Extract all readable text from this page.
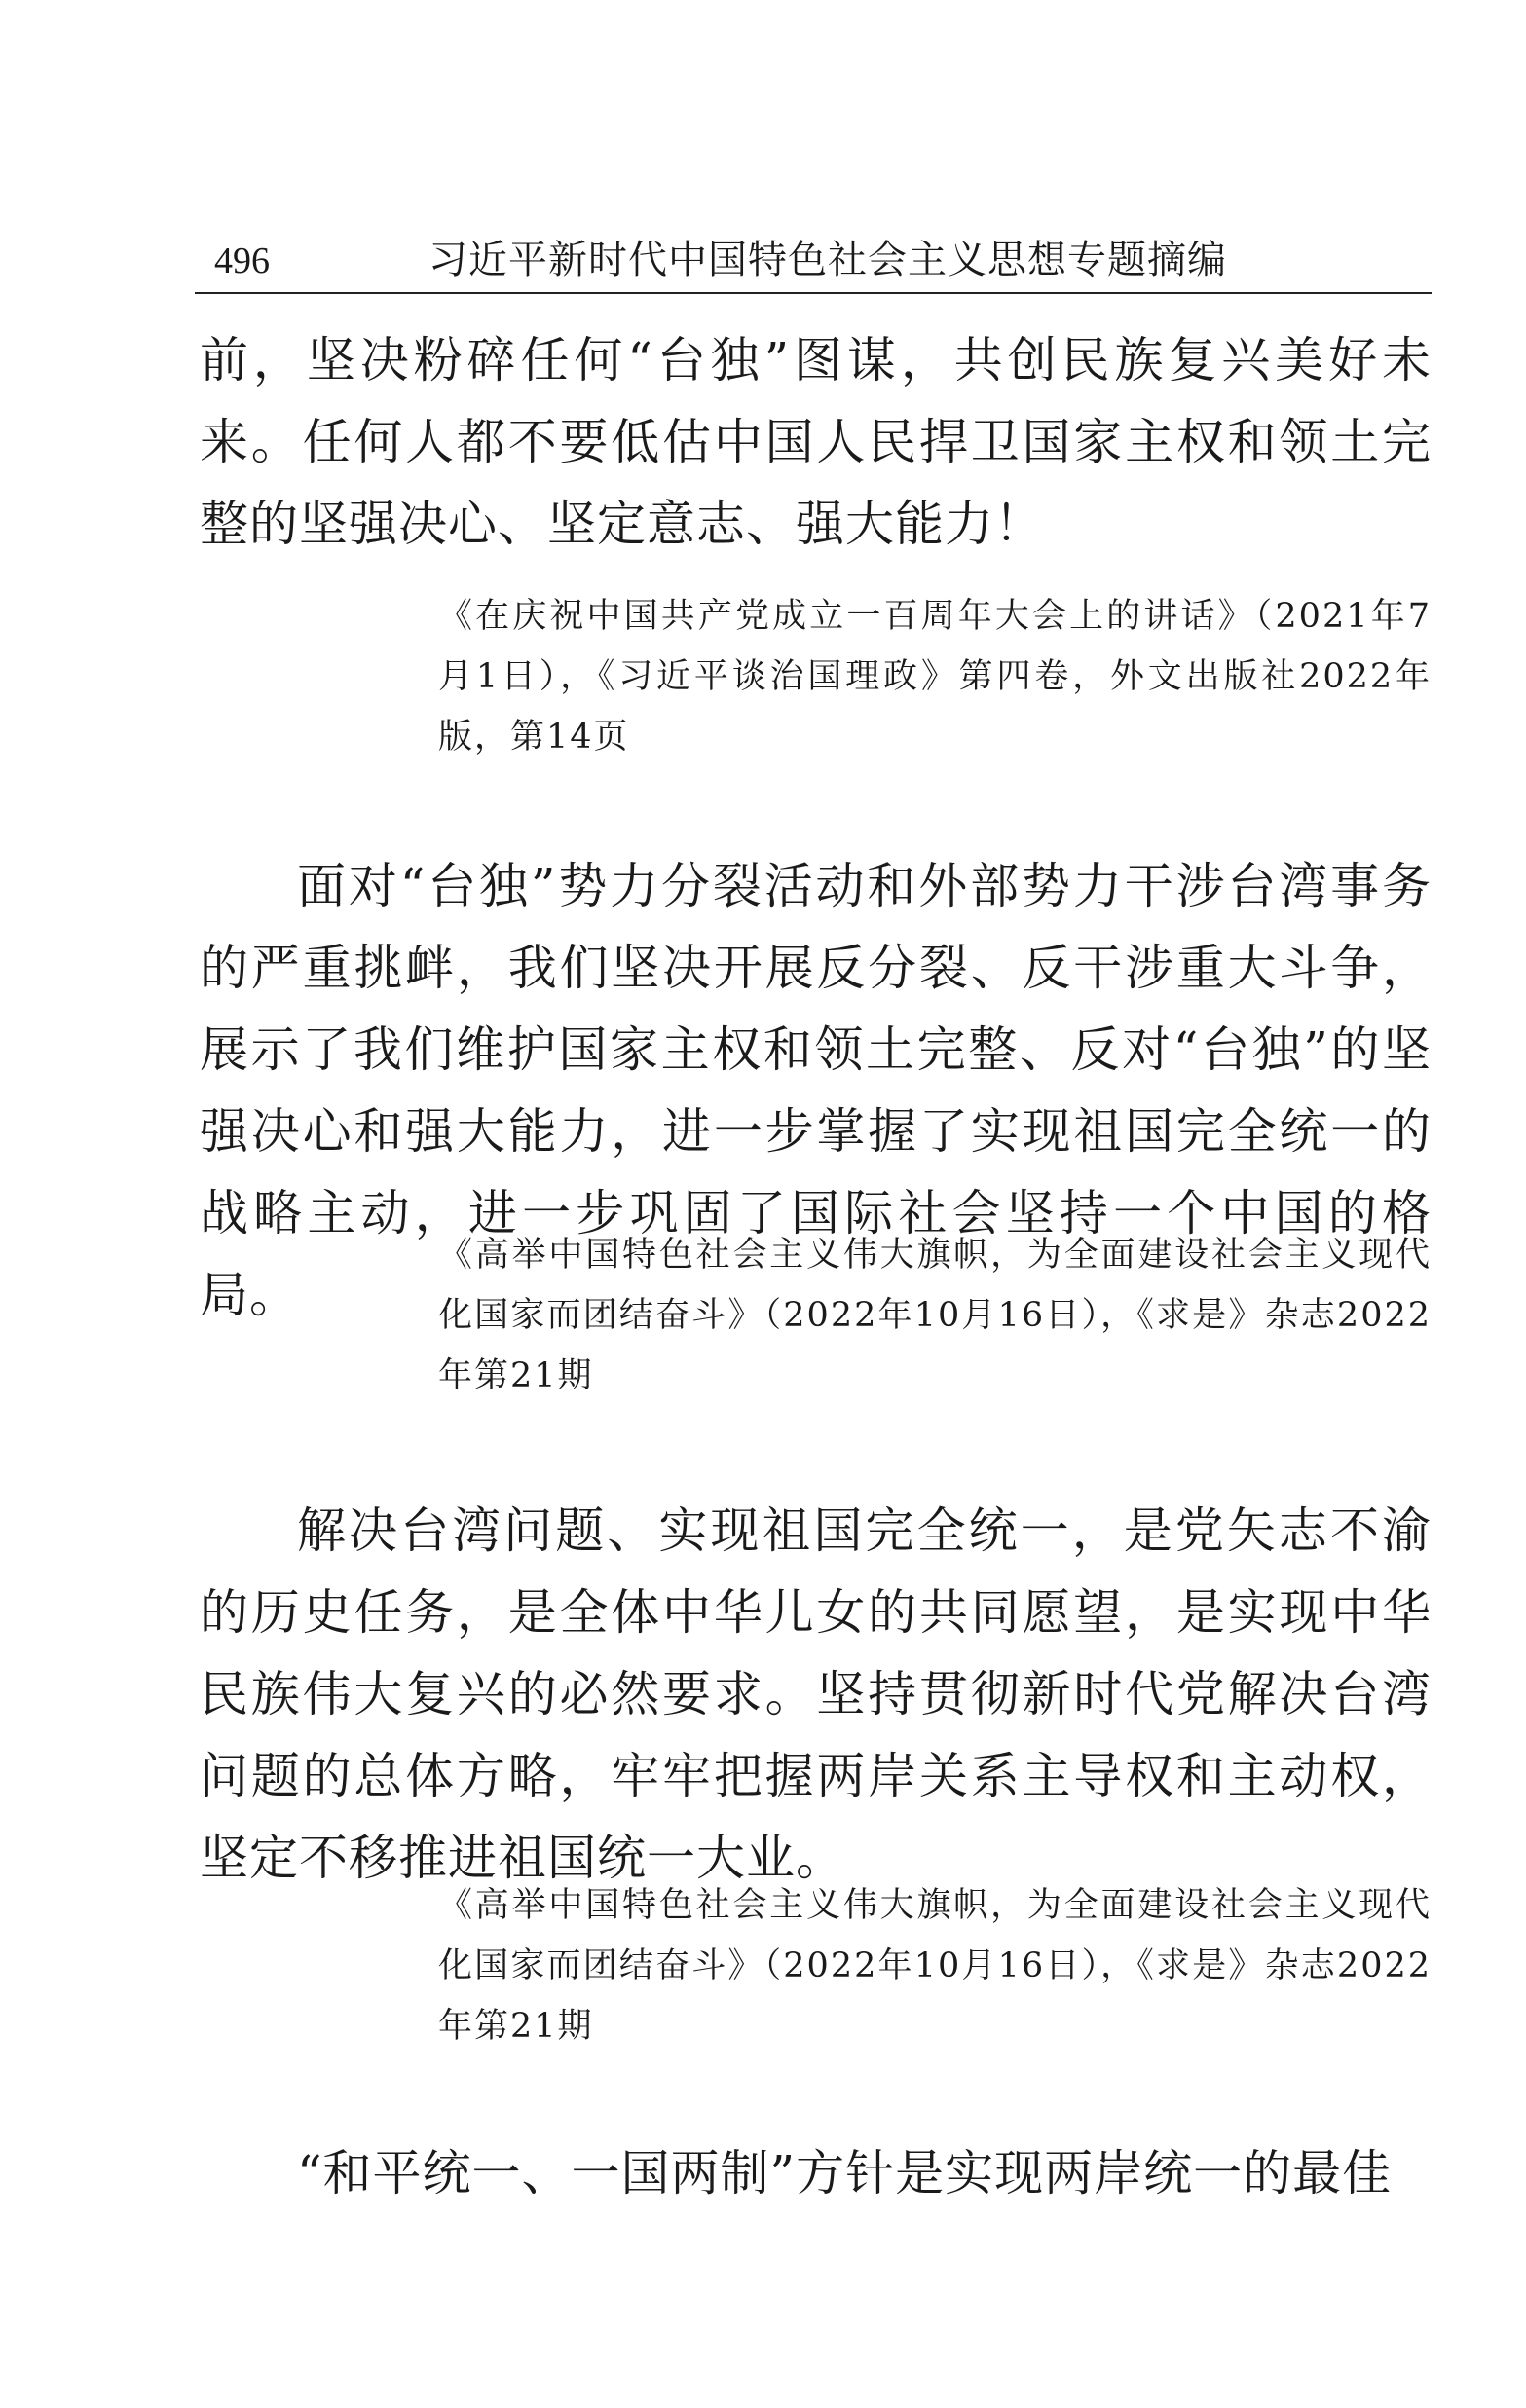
496	习近平新时代中国特色社会主义思想专题摘编

前，坚决粉碎任何“台独”图谋，共创民族复兴美好未来。任何人都不要低估中国人民捍卫国家主权和领土完整的坚强决心、坚定意志、强大能力！

《在庆祝中国共产党成立一百周年大会上的讲话》（2021年7月1日），《习近平谈治国理政》第四卷，外文出版社2022年版，第14页

面对“台独”势力分裂活动和外部势力干涉台湾事务的严重挑衅，我们坚决开展反分裂、反干涉重大斗争，展示了我们维护国家主权和领土完整、反对“台独”的坚强决心和强大能力，进一步掌握了实现祖国完全统一的战略主动，进一步巩固了国际社会坚持一个中国的格局。

《高举中国特色社会主义伟大旗帜，为全面建设社会主义现代化国家而团结奋斗》（2022年10月16日），《求是》杂志2022年第21期

解决台湾问题、实现祖国完全统一，是党矢志不渝的历史任务，是全体中华儿女的共同愿望，是实现中华民族伟大复兴的必然要求。坚持贯彻新时代党解决台湾问题的总体方略，牢牢把握两岸关系主导权和主动权，坚定不移推进祖国统一大业。

《高举中国特色社会主义伟大旗帜，为全面建设社会主义现代化国家而团结奋斗》（2022年10月16日），《求是》杂志2022年第21期

“和平统一、一国两制”方针是实现两岸统一的最佳
